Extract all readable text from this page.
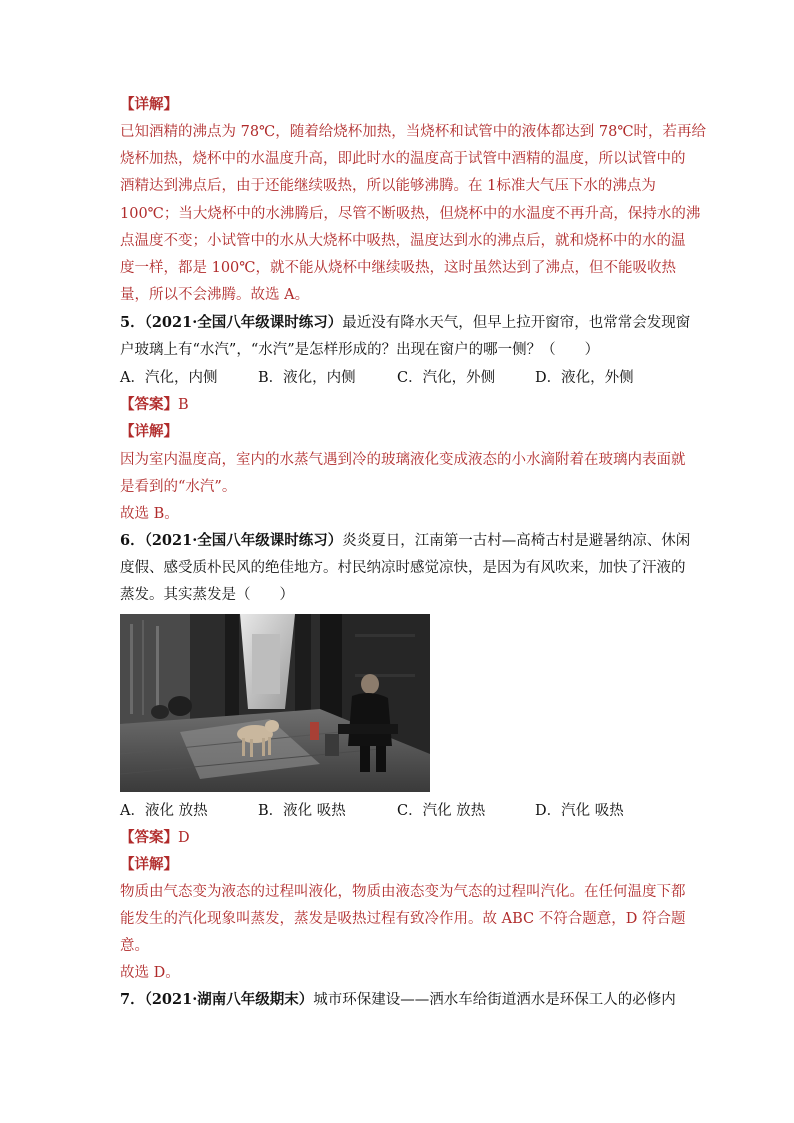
【详解】
已知酒精的沸点为 78℃，随着给烧杯加热，当烧杯和试管中的液体都达到 78℃时，若再给
烧杯加热，烧杯中的水温度升高，即此时水的温度高于试管中酒精的温度，所以试管中的
酒精达到沸点后，由于还能继续吸热，所以能够沸腾。在 1标准大气压下水的沸点为
100℃；当大烧杯中的水沸腾后，尽管不断吸热，但烧杯中的水温度不再升高，保持水的沸
点温度不变；小试管中的水从大烧杯中吸热，温度达到水的沸点后，就和烧杯中的水的温
度一样，都是 100℃，就不能从烧杯中继续吸热，这时虽然达到了沸点，但不能吸收热
量，所以不会沸腾。故选 A。
5．（2021·全国八年级课时练习）最近没有降水天气，但早上拉开窗帘，也常常会发现窗
户玻璃上有“水汽”，“水汽”是怎样形成的？出现在窗户的哪一侧？（　　）
A．汽化，内侧	B．液化，内侧	C．汽化，外侧	D．液化，外侧
【答案】B
【详解】
因为室内温度高，室内的水蒸气遇到冷的玻璃液化变成液态的小水滴附着在玻璃内表面就
是看到的“水汽”。
故选 B。
6．（2021·全国八年级课时练习）炎炎夏日，江南第一古村—高椅古村是避暑纳凉、休闲
度假、感受质朴民风的绝佳地方。村民纳凉时感觉凉快，是因为有风吹来，加快了汗液的
蒸发。其实蒸发是（　　）
A．液化 放热	B．液化 吸热	C．汽化 放热	D．汽化 吸热
【答案】D
【详解】
物质由气态变为液态的过程叫液化，物质由液态变为气态的过程叫汽化。在任何温度下都
能发生的汽化现象叫蒸发，蒸发是吸热过程有致冷作用。故 ABC 不符合题意，D 符合题
意。
故选 D。
7．（2021·湖南八年级期末）城市环保建设——洒水车给街道洒水是环保工人的必修内
